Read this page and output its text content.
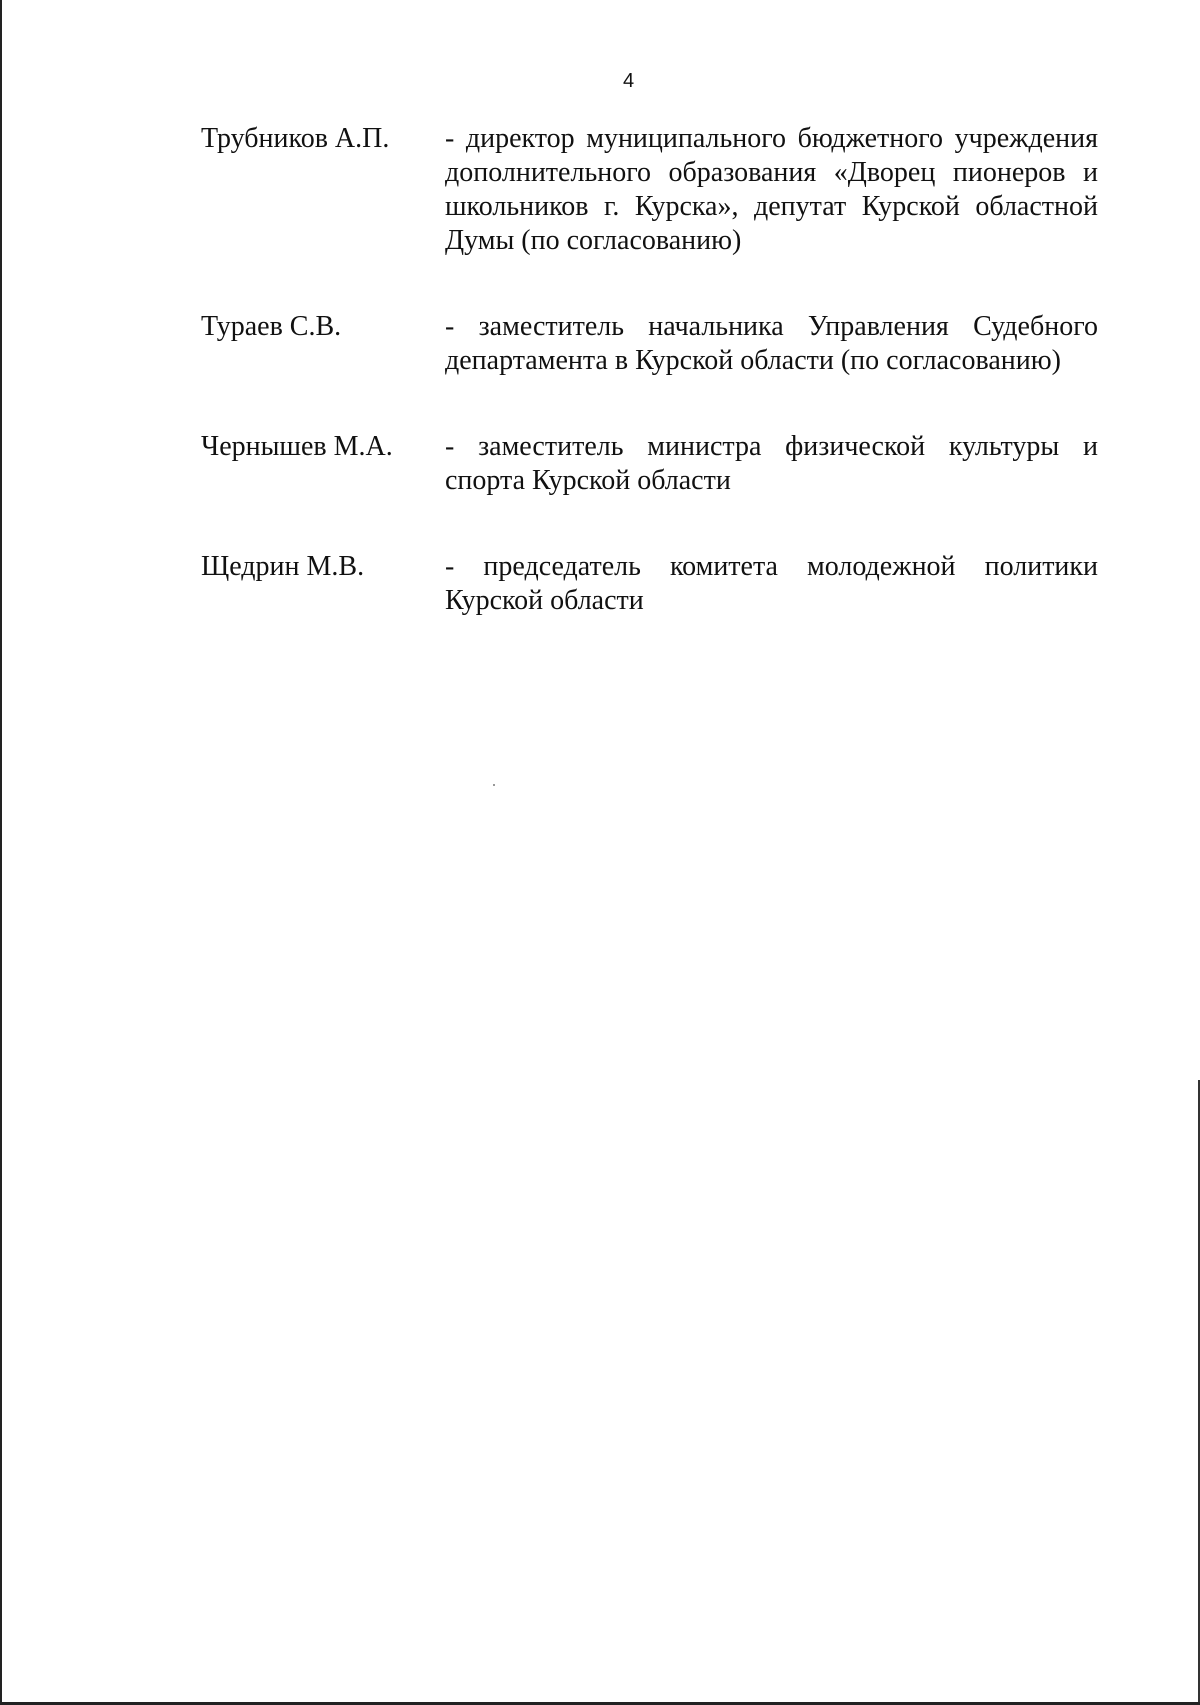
4
Трубников А.П. - директор муниципального бюджетного учреждения дополнительного образования «Дворец пионеров и школьников г. Курска», депутат Курской областной Думы (по согласованию)
Тураев С.В.	- заместитель начальника Управления Судебного департамента в Курской области (по согласованию)
Чернышев М.А. - заместитель министра физической культуры и спорта Курской области
Щедрин М.В.	- председатель комитета молодежной политики Курской области
